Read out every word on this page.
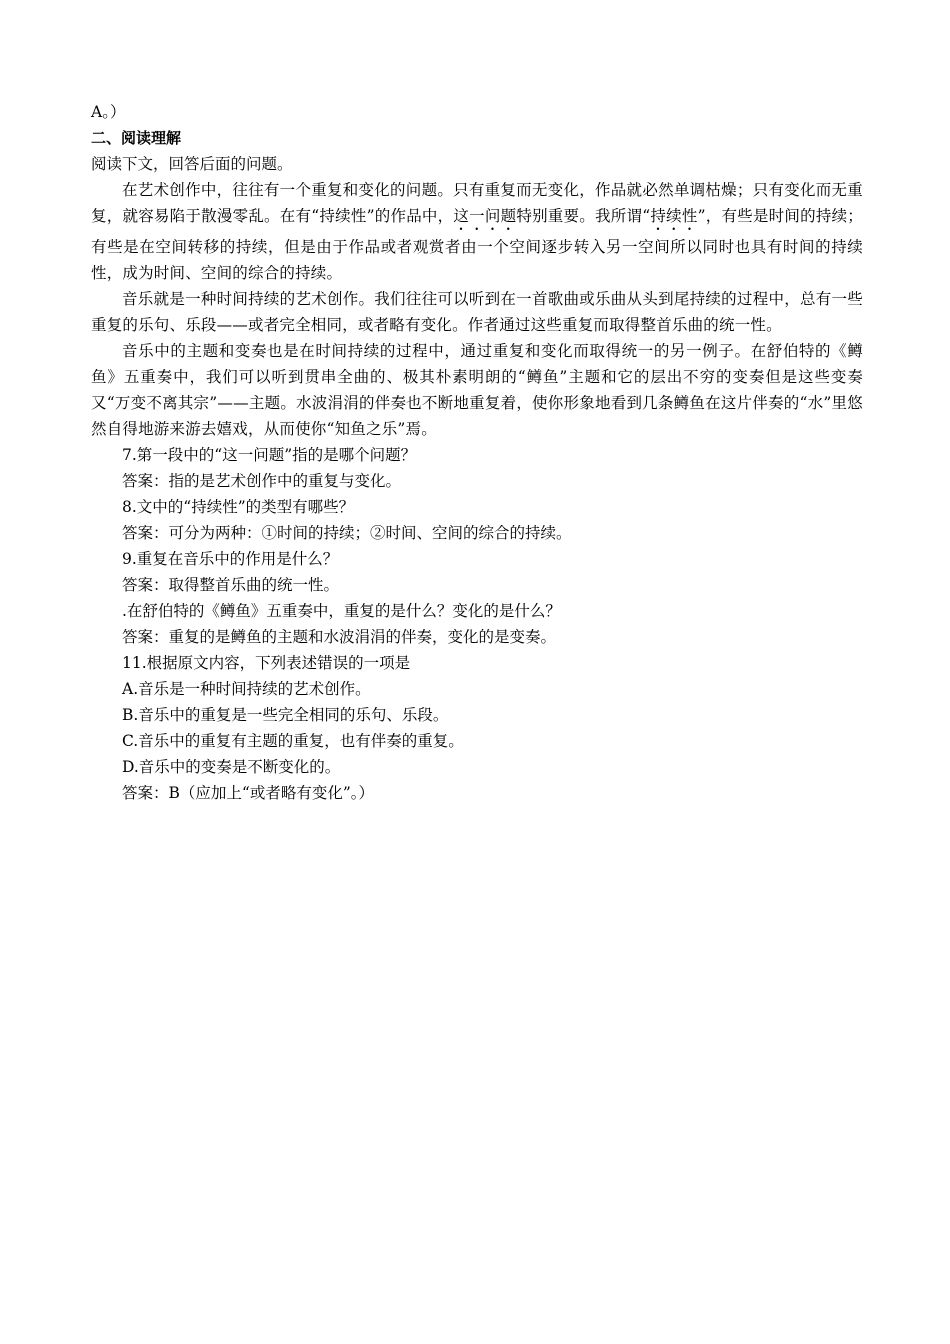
A。）
二、阅读理解
阅读下文，回答后面的问题。

在艺术创作中，往往有一个重复和变化的问题。只有重复而无变化，作品就必然单调枯燥；只有变化而无重复，就容易陷于散漫零乱。在有“持续性”的作品中，这一问题特别重要。我所谓“持续性”，有些是时间的持续；有些是在空间转移的持续，但是由于作品或者观赏者由一个空间逐步转入另一空间所以同时也具有时间的持续性，成为时间、空间的综合的持续。

音乐就是一种时间持续的艺术创作。我们往往可以听到在一首歌曲或乐曲从头到尾持续的过程中，总有一些重复的乐句、乐段——或者完全相同，或者略有变化。作者通过这些重复而取得整首乐曲的统一性。

音乐中的主题和变奏也是在时间持续的过程中，通过重复和变化而取得统一的另一例子。在舒伯特的《鳟鱼》五重奏中，我们可以听到贯串全曲的、极其朴素明朗的“鳟鱼”主题和它的层出不穷的变奏但是这些变奏又“万变不离其宗”——主题。水波涓涓的伴奏也不断地重复着，使你形象地看到几条鳟鱼在这片伴奏的“水”里悠然自得地游来游去嬉戏，从而使你“知鱼之乐”焉。

7.第一段中的“这一问题”指的是哪个问题？
答案：指的是艺术创作中的重复与变化。
8.文中的“持续性”的类型有哪些？
答案：可分为两种：①时间的持续；②时间、空间的综合的持续。
9.重复在音乐中的作用是什么？
答案：取得整首乐曲的统一性。
.在舒伯特的《鳟鱼》五重奏中，重复的是什么？变化的是什么？
答案：重复的是鳟鱼的主题和水波涓涓的伴奏，变化的是变奏。
11.根据原文内容，下列表述错误的一项是
A.音乐是一种时间持续的艺术创作。
B.音乐中的重复是一些完全相同的乐句、乐段。
C.音乐中的重复有主题的重复，也有伴奏的重复。
D.音乐中的变奏是不断变化的。
答案：B（应加上“或者略有变化”。）
